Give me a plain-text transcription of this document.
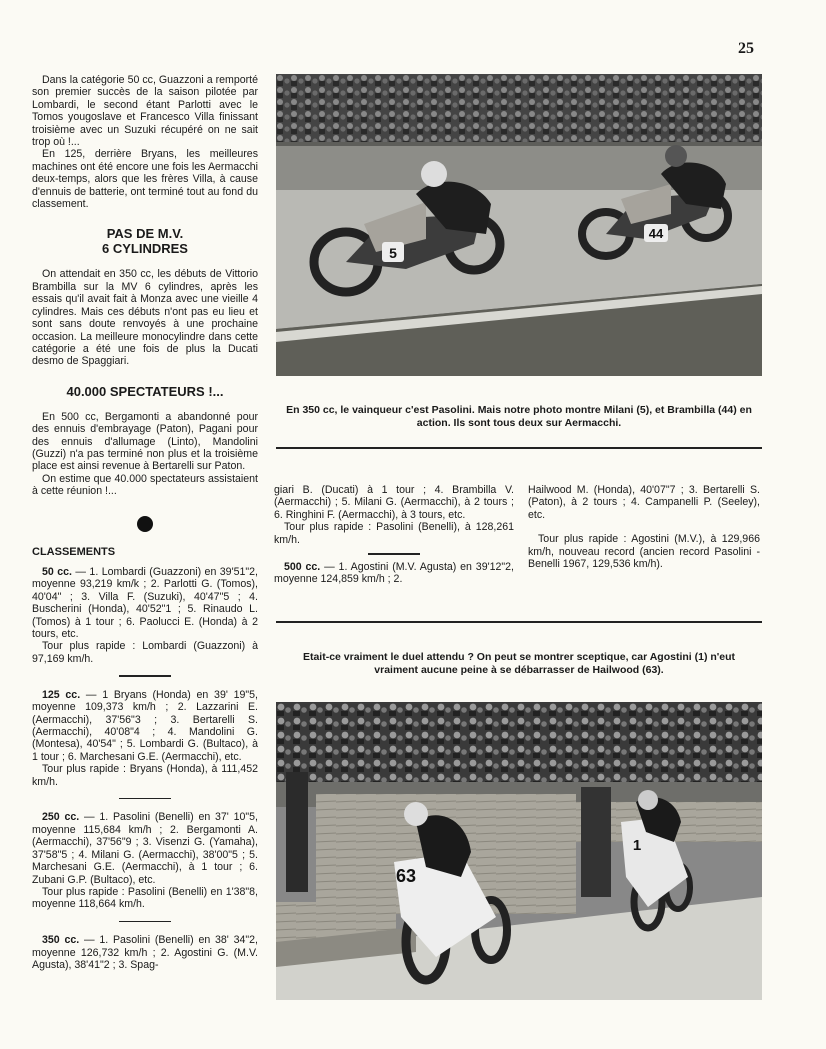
25

Dans la catégorie 50 cc, Guazzoni a remporté son premier succès de la saison pilotée par Lombardi, le second étant Parlotti avec le Tomos yougoslave et Francesco Villa finissant troisième avec un Suzuki récupéré on ne sait trop où !...

En 125, derrière Bryans, les meilleures machines ont été encore une fois les Aermacchi deux-temps, alors que les frères Villa, à cause d'ennuis de batterie, ont terminé tout au fond du classement.

PAS DE M.V.
6 CYLINDRES

On attendait en 350 cc, les débuts de Vittorio Brambilla sur la MV 6 cylindres, après les essais qu'il avait fait à Monza avec une vieille 4 cylindres. Mais ces débuts n'ont pas eu lieu et sont sans doute renvoyés à une prochaine occasion. La meilleure monocylindre dans cette catégorie a été une fois de plus la Ducati desmo de Spaggiari.

40.000 SPECTATEURS !...

En 500 cc, Bergamonti a abandonné pour des ennuis d'embrayage (Paton), Pagani pour des ennuis d'allumage (Linto), Mandolini (Guzzi) n'a pas terminé non plus et la troisième place est ainsi revenue à Bertarelli sur Paton.

On estime que 40.000 spectateurs assistaient à cette réunion !...

CLASSEMENTS

50 cc. — 1. Lombardi (Guazzoni) en 39'51"2, moyenne 93,219 km/k ; 2. Parlotti G. (Tomos), 40'04" ; 3. Villa F. (Suzuki), 40'47"5 ; 4. Buscherini (Honda), 40'52"1 ; 5. Rinaudo L. (Tomos) à 1 tour ; 6. Paolucci E. (Honda) à 2 tours, etc.

Tour plus rapide : Lombardi (Guazzoni) à 97,169 km/h.

125 cc. — 1 Bryans (Honda) en 39' 19"5, moyenne 109,373 km/h ; 2. Lazzarini E. (Aermacchi), 37'56"3 ; 3. Bertarelli S. (Aermacchi), 40'08"4 ; 4. Mandolini G. (Montesa), 40'54" ; 5. Lombardi G. (Bultaco), à 1 tour ; 6. Marchesani G.E. (Aermacchi), etc.

Tour plus rapide : Bryans (Honda), à 111,452 km/h.

250 cc. — 1. Pasolini (Benelli) en 37' 10"5, moyenne 115,684 km/h ; 2. Bergamonti A. (Aermacchi), 37'56"9 ; 3. Visenzi G. (Yamaha), 37'58"5 ; 4. Milani G. (Aermacchi), 38'00"5 ; 5. Marchesani G.E. (Aermacchi), à 1 tour ; 6. Zubani G.P. (Bultaco), etc.

Tour plus rapide : Pasolini (Benelli) en 1'38"8, moyenne 118,664 km/h.

350 cc. — 1. Pasolini (Benelli) en 38' 34"2, moyenne 126,732 km/h ; 2. Agostini G. (M.V. Agusta), 38'41"2 ; 3. Spag-

5
44
En 350 cc, le vainqueur c'est Pasolini. Mais notre photo montre Milani (5), et Brambilla (44) en action. Ils sont tous deux sur Aermacchi.

giari B. (Ducati) à 1 tour ; 4. Brambilla V. (Aermacchi) ; 5. Milani G. (Aermacchi), à 2 tours ; 6. Ringhini F. (Aermacchi), à 3 tours, etc.

Tour plus rapide : Pasolini (Benelli), à 128,261 km/h.

500 cc. — 1. Agostini (M.V. Agusta) en 39'12"2, moyenne 124,859 km/h ; 2.

Hailwood M. (Honda), 40'07"7 ; 3. Bertarelli S. (Paton), à 2 tours ; 4. Campanelli P. (Seeley), etc.

Tour plus rapide : Agostini (M.V.), à 129,966 km/h, nouveau record (ancien record Pasolini - Benelli 1967, 129,536 km/h).

Etait-ce vraiment le duel attendu ? On peut se montrer sceptique, car Agostini (1) n'eut vraiment aucune peine à se débarrasser de Hailwood (63).
63
1
